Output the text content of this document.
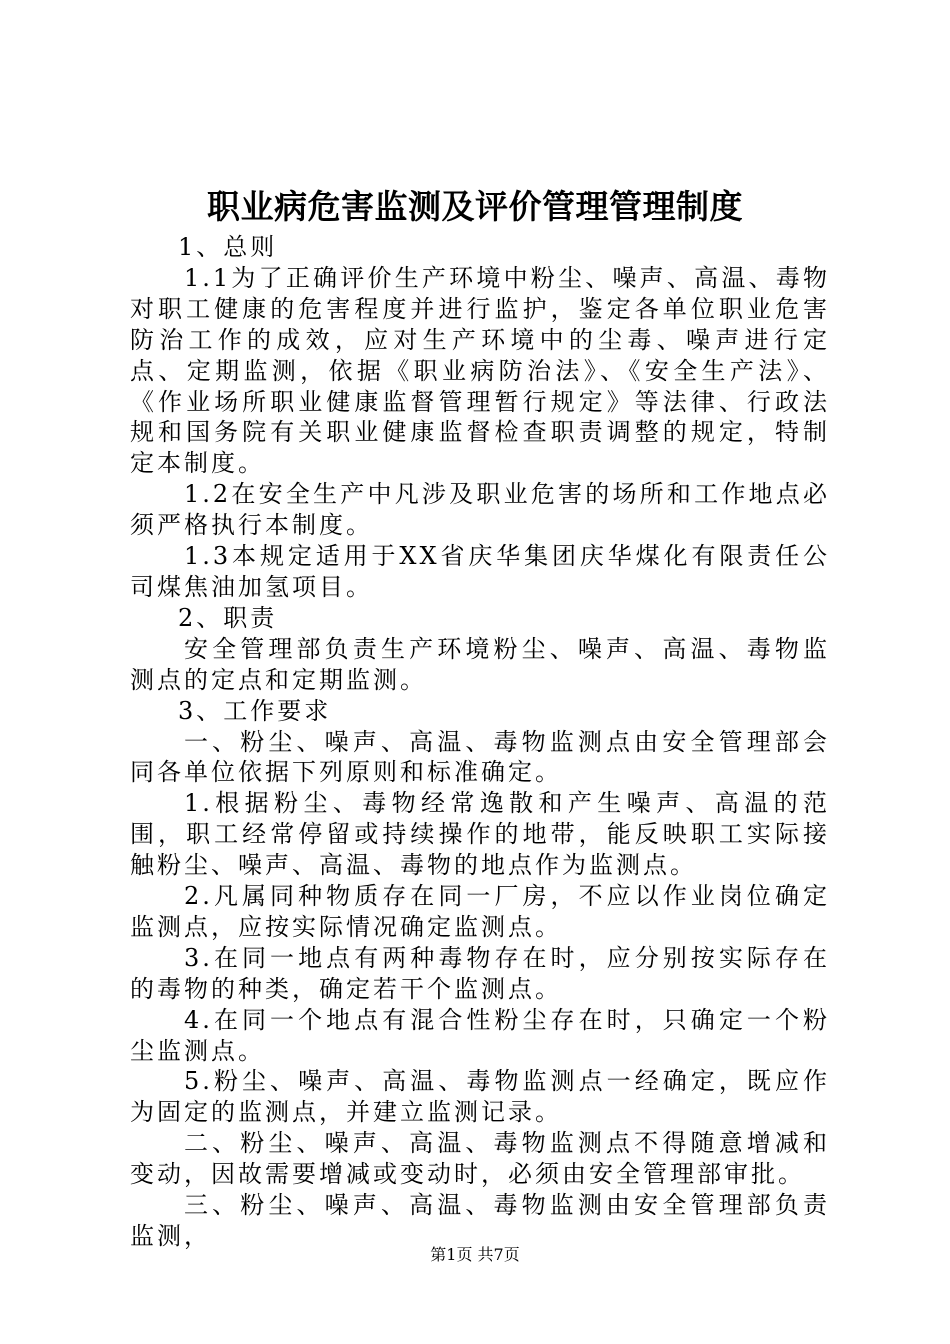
职业病危害监测及评价管理管理制度

1、总则

1.1为了正确评价生产环境中粉尘、噪声、高温、毒物对职工健康的危害程度并进行监护，鉴定各单位职业危害防治工作的成效，应对生产环境中的尘毒、噪声进行定点、定期监测，依据《职业病防治法》、《安全生产法》、《作业场所职业健康监督管理暂行规定》等法律、行政法规和国务院有关职业健康监督检查职责调整的规定，特制定本制度。

1.2在安全生产中凡涉及职业危害的场所和工作地点必须严格执行本制度。

1.3本规定适用于XX省庆华集团庆华煤化有限责任公司煤焦油加氢项目。

2、职责

安全管理部负责生产环境粉尘、噪声、高温、毒物监测点的定点和定期监测。

3、工作要求

一、粉尘、噪声、高温、毒物监测点由安全管理部会同各单位依据下列原则和标准确定。

1.根据粉尘、毒物经常逸散和产生噪声、高温的范围，职工经常停留或持续操作的地带，能反映职工实际接触粉尘、噪声、高温、毒物的地点作为监测点。

2.凡属同种物质存在同一厂房，不应以作业岗位确定监测点，应按实际情况确定监测点。

3.在同一地点有两种毒物存在时，应分别按实际存在的毒物的种类，确定若干个监测点。

4.在同一个地点有混合性粉尘存在时，只确定一个粉尘监测点。

5.粉尘、噪声、高温、毒物监测点一经确定，既应作为固定的监测点，并建立监测记录。

二、粉尘、噪声、高温、毒物监测点不得随意增减和变动，因故需要增减或变动时，必须由安全管理部审批。

三、粉尘、噪声、高温、毒物监测由安全管理部负责监测，

第1页 共7页
